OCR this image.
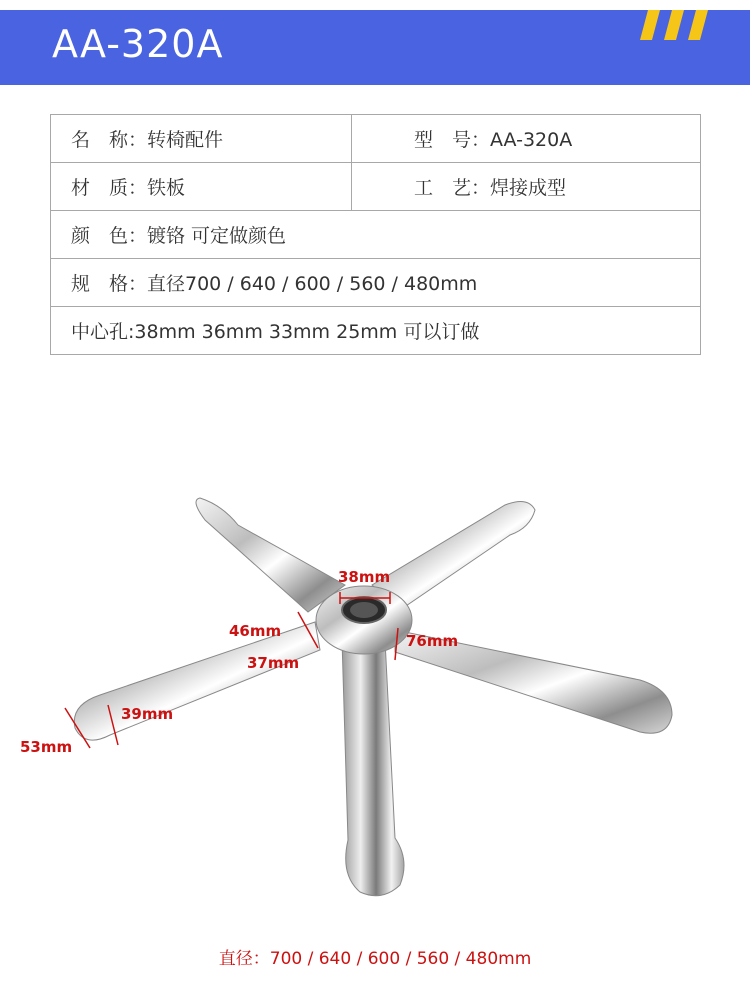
AA-320A
名　称：转椅配件	型　号：AA-320A
材　质：铁板	工　艺：焊接成型
颜　色：镀铬 可定做颜色	
规　格：直径700 / 640 / 600 / 560 / 480mm	
中心孔:38mm 36mm 33mm 25mm 可以订做	
38mm
46mm
37mm
76mm
39mm
53mm
直径：700 / 640 / 600 / 560 / 480mm
